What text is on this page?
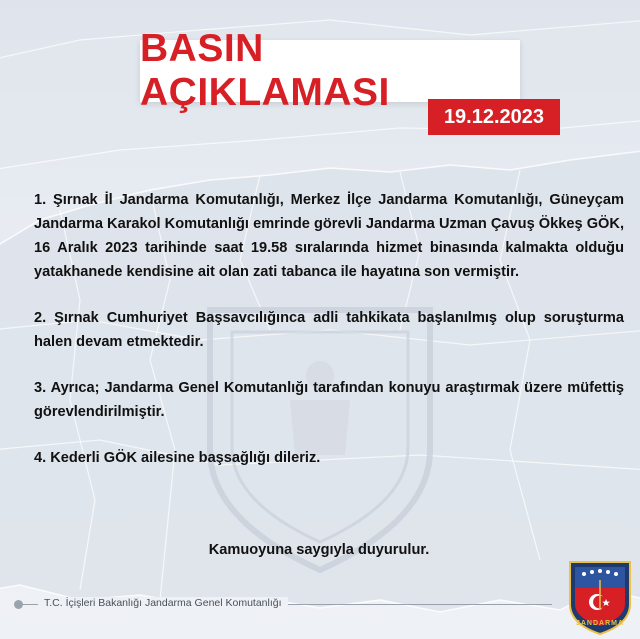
BASIN AÇIKLAMASI
19.12.2023

1. Şırnak İl Jandarma Komutanlığı, Merkez İlçe Jandarma Komutanlığı, Güneyçam Jandarma Karakol Komutanlığı emrinde görevli Jandarma Uzman Çavuş Ökkeş GÖK, 16 Aralık 2023 tarihinde saat 19.58 sıralarında hizmet binasında kalmakta olduğu yatakhanede kendisine ait olan zati tabanca ile hayatına son vermiştir.

2. Şırnak Cumhuriyet Başsavcılığınca adli tahkikata başlanılmış olup soruşturma halen devam etmektedir.

3. Ayrıca; Jandarma Genel Komutanlığı tarafından konuyu araştırmak üzere müfettiş görevlendirilmiştir.

4. Kederli GÖK ailesine başsağlığı dileriz.

Kamuoyuna saygıyla duyurulur.
T.C. İçişleri Bakanlığı Jandarma Genel Komutanlığı
JANDARMA
